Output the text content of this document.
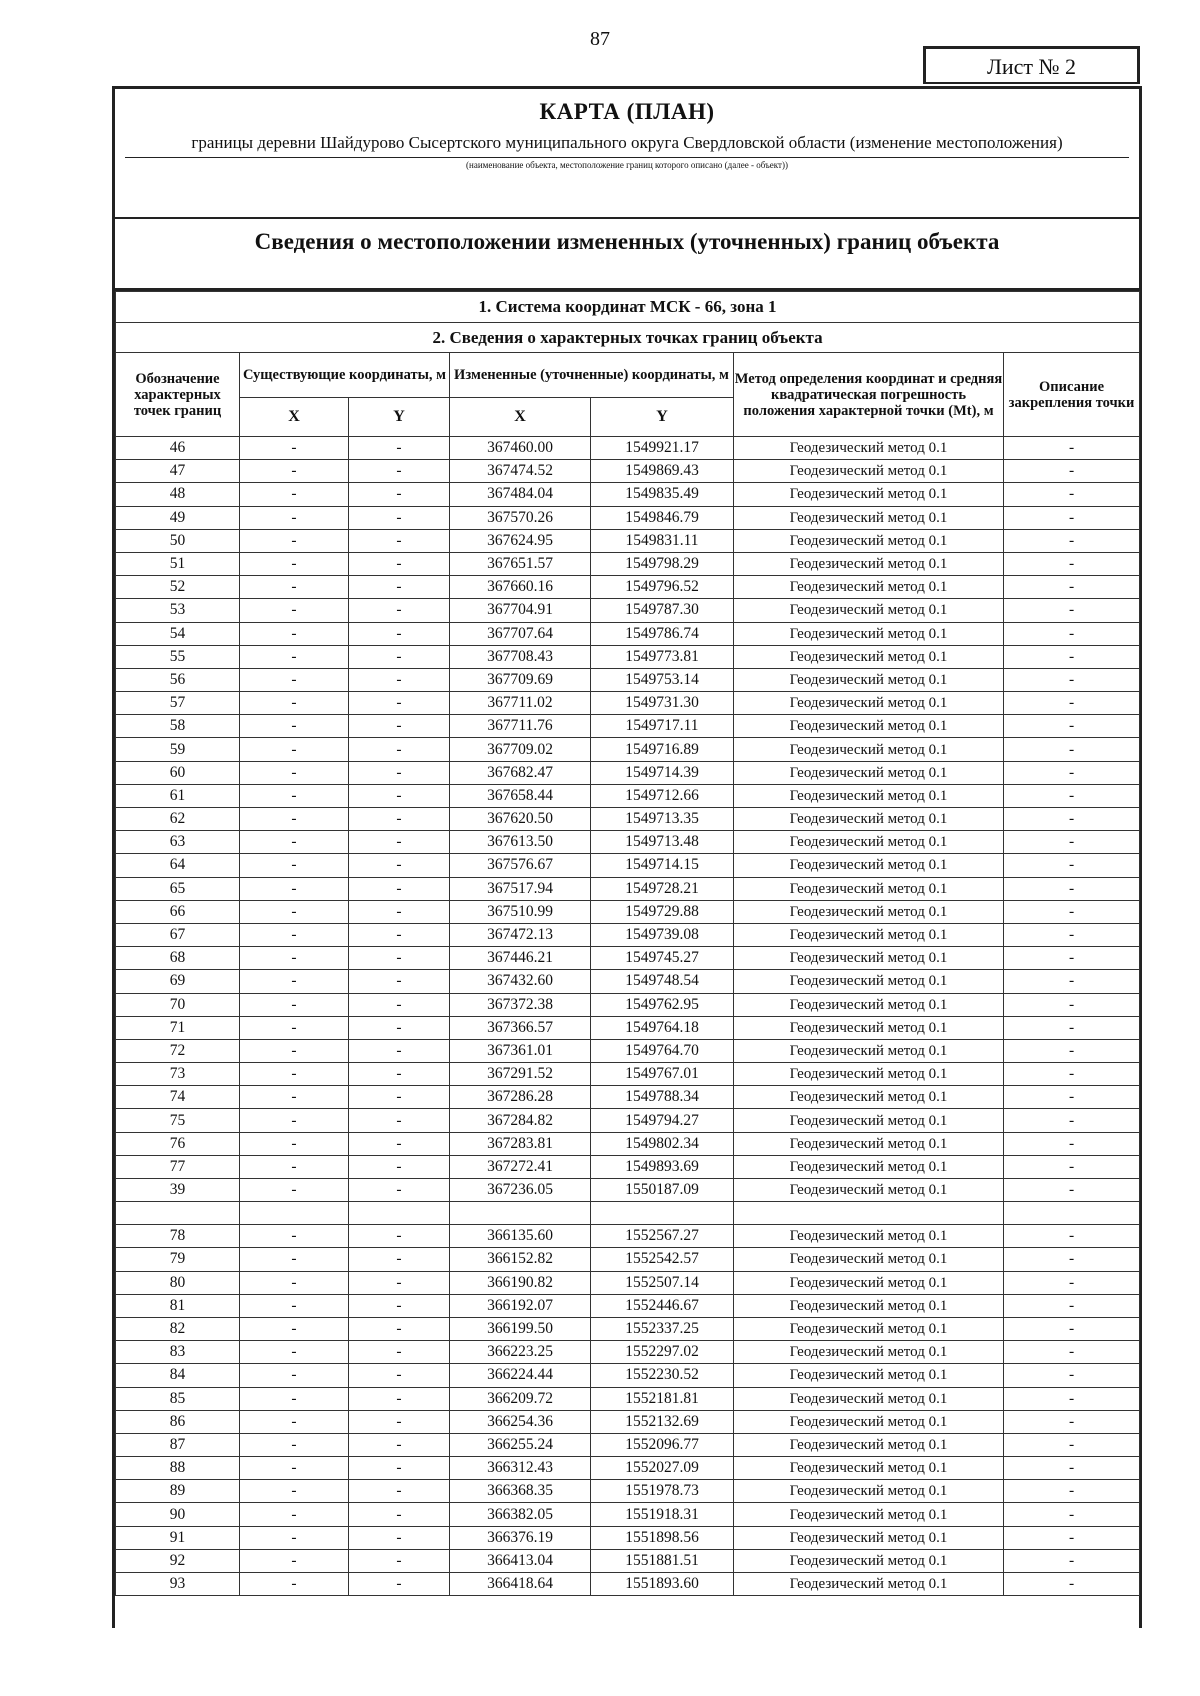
87
Лист № 2
КАРТА (ПЛАН)
границы деревни Шайдурово Сысертского муниципального округа Свердловской области (изменение местоположения)
(наименование объекта, местоположение границ которого описано (далее - объект))
Сведения о местоположении измененных (уточненных) границ объекта
1. Система координат МСК - 66, зона 1						
2. Сведения о характерных точках границ объекта						
Обозначение характерных точек границ	Существующие координаты, м		Измененные (уточненные) координаты, м		Метод определения координат и средняя квадратическая погрешность положения характерной точки (Mt), м	Описание закрепления точки
	X	Y	X	Y		
46	-	-	367460.00	1549921.17	Геодезический метод 0.1	-
47	-	-	367474.52	1549869.43	Геодезический метод 0.1	-
48	-	-	367484.04	1549835.49	Геодезический метод 0.1	-
49	-	-	367570.26	1549846.79	Геодезический метод 0.1	-
50	-	-	367624.95	1549831.11	Геодезический метод 0.1	-
51	-	-	367651.57	1549798.29	Геодезический метод 0.1	-
52	-	-	367660.16	1549796.52	Геодезический метод 0.1	-
53	-	-	367704.91	1549787.30	Геодезический метод 0.1	-
54	-	-	367707.64	1549786.74	Геодезический метод 0.1	-
55	-	-	367708.43	1549773.81	Геодезический метод 0.1	-
56	-	-	367709.69	1549753.14	Геодезический метод 0.1	-
57	-	-	367711.02	1549731.30	Геодезический метод 0.1	-
58	-	-	367711.76	1549717.11	Геодезический метод 0.1	-
59	-	-	367709.02	1549716.89	Геодезический метод 0.1	-
60	-	-	367682.47	1549714.39	Геодезический метод 0.1	-
61	-	-	367658.44	1549712.66	Геодезический метод 0.1	-
62	-	-	367620.50	1549713.35	Геодезический метод 0.1	-
63	-	-	367613.50	1549713.48	Геодезический метод 0.1	-
64	-	-	367576.67	1549714.15	Геодезический метод 0.1	-
65	-	-	367517.94	1549728.21	Геодезический метод 0.1	-
66	-	-	367510.99	1549729.88	Геодезический метод 0.1	-
67	-	-	367472.13	1549739.08	Геодезический метод 0.1	-
68	-	-	367446.21	1549745.27	Геодезический метод 0.1	-
69	-	-	367432.60	1549748.54	Геодезический метод 0.1	-
70	-	-	367372.38	1549762.95	Геодезический метод 0.1	-
71	-	-	367366.57	1549764.18	Геодезический метод 0.1	-
72	-	-	367361.01	1549764.70	Геодезический метод 0.1	-
73	-	-	367291.52	1549767.01	Геодезический метод 0.1	-
74	-	-	367286.28	1549788.34	Геодезический метод 0.1	-
75	-	-	367284.82	1549794.27	Геодезический метод 0.1	-
76	-	-	367283.81	1549802.34	Геодезический метод 0.1	-
77	-	-	367272.41	1549893.69	Геодезический метод 0.1	-
39	-	-	367236.05	1550187.09	Геодезический метод 0.1	-

78	-	-	366135.60	1552567.27	Геодезический метод 0.1	-
79	-	-	366152.82	1552542.57	Геодезический метод 0.1	-
80	-	-	366190.82	1552507.14	Геодезический метод 0.1	-
81	-	-	366192.07	1552446.67	Геодезический метод 0.1	-
82	-	-	366199.50	1552337.25	Геодезический метод 0.1	-
83	-	-	366223.25	1552297.02	Геодезический метод 0.1	-
84	-	-	366224.44	1552230.52	Геодезический метод 0.1	-
85	-	-	366209.72	1552181.81	Геодезический метод 0.1	-
86	-	-	366254.36	1552132.69	Геодезический метод 0.1	-
87	-	-	366255.24	1552096.77	Геодезический метод 0.1	-
88	-	-	366312.43	1552027.09	Геодезический метод 0.1	-
89	-	-	366368.35	1551978.73	Геодезический метод 0.1	-
90	-	-	366382.05	1551918.31	Геодезический метод 0.1	-
91	-	-	366376.19	1551898.56	Геодезический метод 0.1	-
92	-	-	366413.04	1551881.51	Геодезический метод 0.1	-
93	-	-	366418.64	1551893.60	Геодезический метод 0.1	-
